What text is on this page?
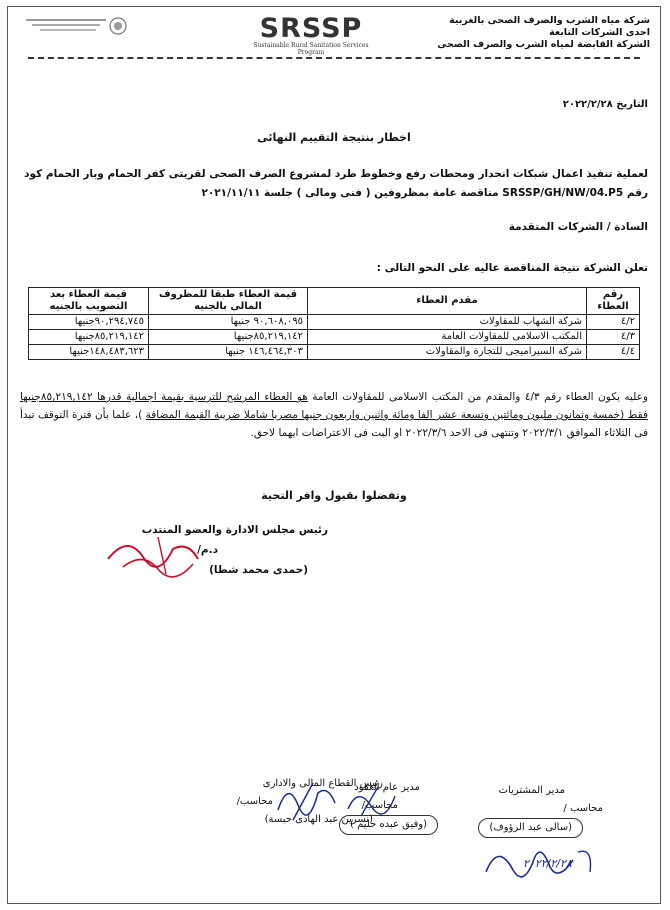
SRSSP
Sustainable Rural Sanitation Services Program
شركة مياه الشرب والصرف الصحى بالغربية
احدى الشركات التابعة
الشركة القابضة لمياه الشرب والصرف الصحى
التاريخ ٢٠٢٢/٢/٢٨
اخطار بنتيجة التقييم النهائى
لعملية تنفيذ اعمال شبكات انحدار ومحطات رفع وخطوط طرد لمشروع الصرف الصحى لقريتى كفر الحمام وبار الحمام كود
رقم SRSSP/GH/NW/04.P5 مناقصة عامة بمظروفين ( فنى ومالى ) جلسة ٢٠٢١/١١/١١
السادة / الشركات المتقدمة
تعلن الشركة نتيجة المناقصة عاليه على النحو التالى :
رقم العطاء	مقدم العطاء	قيمة العطاء طبقا للمظروف المالى بالجنيه	قيمة العطاء بعد التصويب بالجنيه
٤/٢	شركة الشهاب للمقاولات	٩٠,٦٠٨,٠٩٥ جنيها	٩٠,٢٩٤,٧٤٥جنيها
٤/٣	المكتب الاسلامى للمقاولات العامة	٨٥,٢١٩,١٤٢جنيها	٨٥,٢١٩,١٤٢جنيها
٤/٤	شركة السيراميجى للتجارة والمقاولات	١٤٦,٤٦٤,٣٠٣ جنيها	١٤٨,٤٨٣,٦٢٣جنيها
وعليه يكون العطاء رقم ٤/٣ والمقدم من المكتب الاسلامى للمقاولات العامة هو العطاء المرشح للترسية بقيمة اجمالية قدرها ٨٥,٢١٩,١٤٢جنيها فقط (خمسة وثمانون مليون ومائتين وتسعة عشر الفا ومائة واثنين واربعون جنيها مصريا شاملا ضريبة القيمة المضافة )، علما بأن فترة التوقف تبدأ فى الثلاثاء الموافق ٢٠٢٢/٣/١ وتنتهى فى الاحد ٢٠٢٢/٣/٦ او البت فى الاعتراضات ايهما لاحق.
وتفضلوا بقبول وافر التحية
رئيس مجلس الادارة والعضو المنتدب
د.م/
(حمدى محمد شطا)
رئيس القطاع المالى والادارى
محاسب/
(نسرين عبد الهادى حبسة)
مدير عام العقود
محاسب/
(وفيق عبده حليم )
مدير المشتريات
محاسب /
(سالى عبد الرؤوف)
٢٠٢٢/٢/٢٨
